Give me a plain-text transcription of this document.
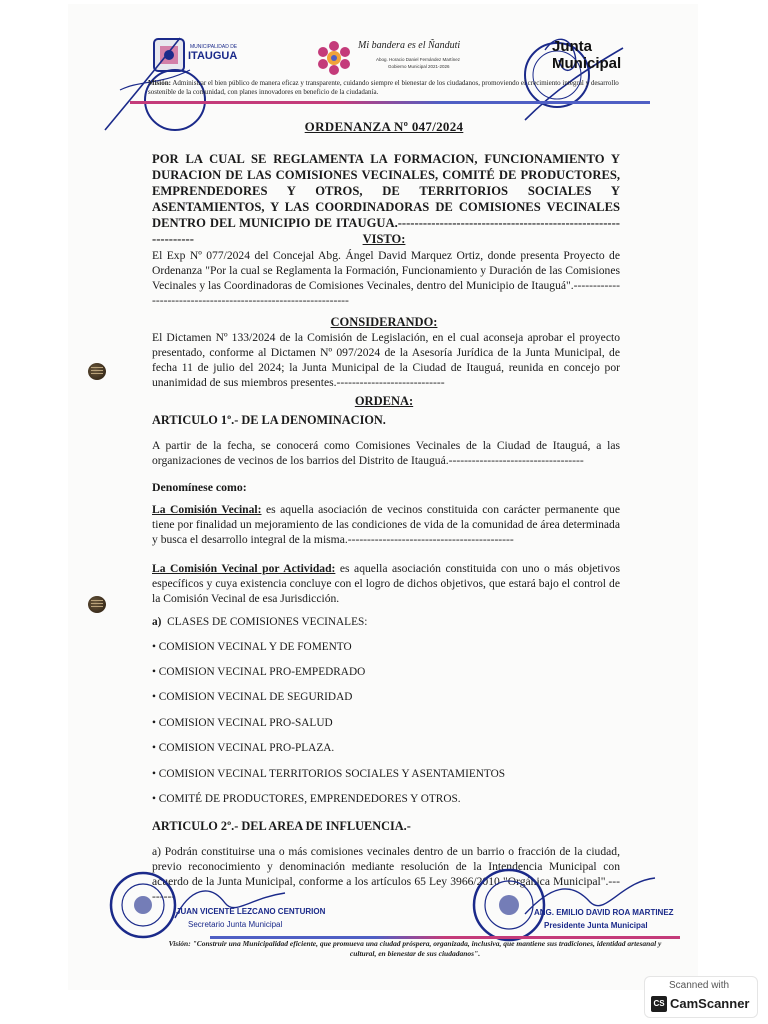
MUNICIPALIDAD DE
ITAUGUA
Mi bandera es el Ñanduti
Abog. Horacio Daniel Fernández Martínez
Gobierno Municipal 2021-2026
Junta
Municipal
Misión: Administrar el bien público de manera eficaz y transparente, cuidando siempre el bienestar de los ciudadanos, promoviendo el crecimiento integral y desarrollo sostenible de la comunidad, con planes innovadores en beneficio de la ciudadanía.
ORDENANZA Nº 047/2024
POR LA CUAL SE REGLAMENTA LA FORMACION, FUNCIONAMIENTO Y DURACION DE LAS COMISIONES VECINALES, COMITÉ DE PRODUCTORES, EMPRENDEDORES Y OTROS, DE TERRITORIOS SOCIALES Y ASENTAMIENTOS, Y LAS COORDINADORAS DE COMISIONES VECINALES DENTRO DEL MUNICIPIO DE ITAUGUA.---------------------------------------------------------------	VISTO:
El Exp Nº 077/2024 del Concejal Abg. Ángel David Marquez Ortiz, donde presenta Proyecto de Ordenanza "Por la cual se Reglamenta la Formación, Funcionamiento y Duración de las Comisiones Vecinales y las Coordinadoras de Comisiones Vecinales, dentro del Municipio de Itauguá".---------------------------------------------------------------
CONSIDERANDO:
El Dictamen Nº 133/2024 de la Comisión de Legislación, en el cual aconseja aprobar el proyecto presentado, conforme al Dictamen Nº 097/2024 de la Asesoría Jurídica de la Junta Municipal, de fecha 11 de julio del 2024; la Junta Municipal de la Ciudad de Itauguá, reunida en concejo por unanimidad de sus miembros presentes.----------------------------
ORDENA:
ARTICULO 1º.- DE LA DENOMINACION.
A partir de la fecha, se conocerá como Comisiones Vecinales de la Ciudad de Itauguá, a las organizaciones de vecinos de los barrios del Distrito de Itauguá.-----------------------------------
Denomínese como:
La Comisión Vecinal: es aquella asociación de vecinos constituida con carácter permanente que tiene por finalidad un mejoramiento de las condiciones de vida de la comunidad de área determinada y busca el desarrollo integral de la misma.-------------------------------------------
La Comisión Vecinal por Actividad: es aquella asociación constituida con uno o más objetivos específicos y cuya existencia concluye con el logro de dichos objetivos, que estará bajo el control de la Comisión Vecinal de esa Jurisdicción.
a) CLASES DE COMISIONES VECINALES:
• COMISION VECINAL Y DE FOMENTO
• COMISION VECINAL PRO-EMPEDRADO
• COMISION VECINAL DE SEGURIDAD
• COMISION VECINAL PRO-SALUD
• COMISION VECINAL PRO-PLAZA.
• COMISION VECINAL TERRITORIOS SOCIALES Y ASENTAMIENTOS
• COMITÉ DE PRODUCTORES, EMPRENDEDORES Y OTROS.
ARTICULO 2º.- DEL AREA DE INFLUENCIA.-
a) Podrán constituirse una o más comisiones vecinales dentro de un barrio o fracción de la ciudad, previo reconocimiento y denominación mediante resolución de la Intendencia Municipal con acuerdo de la Junta Municipal, conforme a los artículos 65 Ley 3966/2010 "Orgánica Municipal".---------
JUAN VICENTE LEZCANO CENTURION
Secretario Junta Municipal
ANG. EMILIO DAVID ROA MARTINEZ
Presidente Junta Municipal
Visión: "Construir una Municipalidad eficiente, que promueva una ciudad próspera, organizada, inclusiva, que mantiene sus tradiciones, identidad artesanal y cultural, en bienestar de sus ciudadanos".
Scanned with
CS CamScanner
